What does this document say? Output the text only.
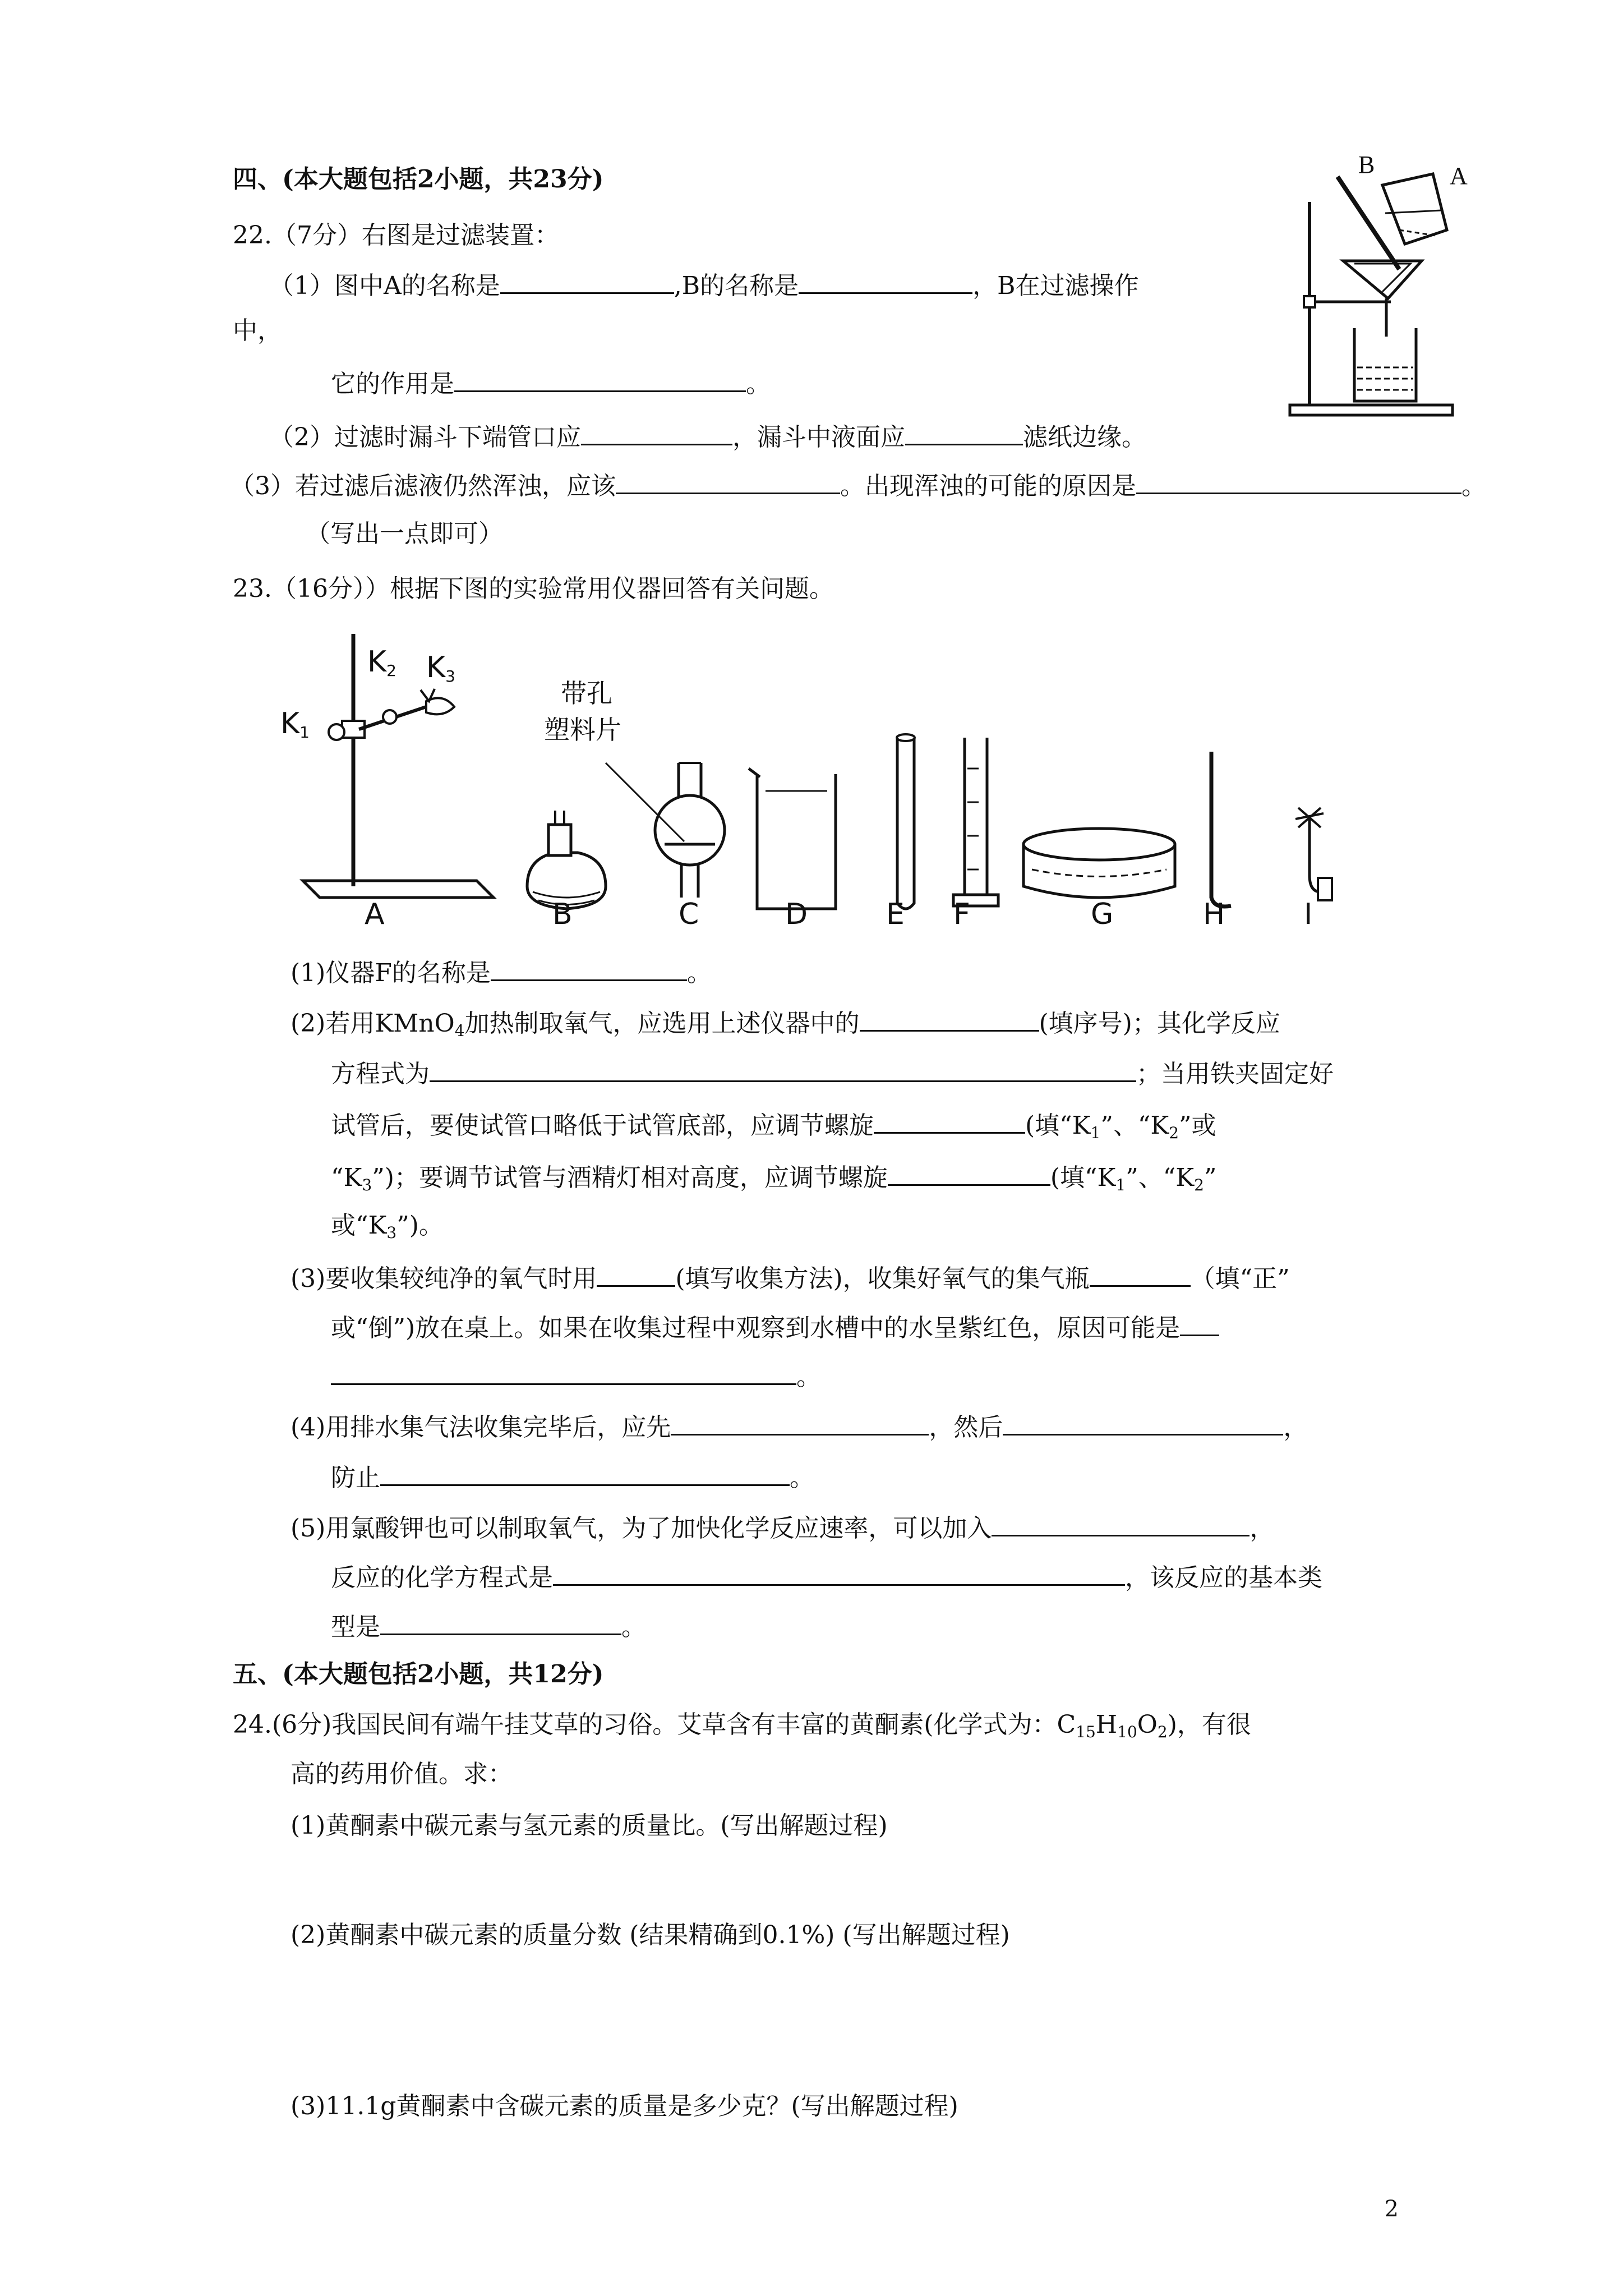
四、(本大题包括2小题，共23分)
22.（7分）右图是过滤装置：
（1）图中A的名称是	,B的名称是	，B在过滤操作
中，
它的作用是	。
（2）过滤时漏斗下端管口应	，漏斗中液面应	滤纸边缘。
（3）若过滤后滤液仍然浑浊，应该	。出现浑浊的可能的原因是	。
（写出一点即可）
B	A
23.（16分））根据下图的实验常用仪器回答有关问题。
$K_1$
$K_2$ $K_3$
带孔
塑料片
A	B	C	D	E F	G	H	I
(1)仪器F的名称是	。
(2)若用KMnO$_4$加热制取氧气，应选用上述仪器中的	(填序号)；其化学反应
方程式为	；当用铁夹固定好
试管后，要使试管口略低于试管底部，应调节螺旋	(填“$K_1$”、“$K_2$”或
“$K_3$”)；要调节试管与酒精灯相对高度，应调节螺旋	(填“$K_1$”、“$K_2$”
或“$K_3$”)。
(3)要收集较纯净的氧气时用	(填写收集方法)，收集好氧气的集气瓶	（填“正”
或“倒”)放在桌上。如果在收集过程中观察到水槽中的水呈紫红色，原因可能是
。
(4)用排水集气法收集完毕后，应先	，然后	，
防止	。
(5)用氯酸钾也可以制取氧气，为了加快化学反应速率，可以加入	，
反应的化学方程式是	，该反应的基本类
型是	。
五、(本大题包括2小题，共12分)
24.(6分)我国民间有端午挂艾草的习俗。艾草含有丰富的黄酮素(化学式为：$C_{15}H_{10}O_2$)，有很
高的药用价值。求：
(1)黄酮素中碳元素与氢元素的质量比。(写出解题过程)
(2)黄酮素中碳元素的质量分数 (结果精确到0.1%) (写出解题过程)
(3)11.1g黄酮素中含碳元素的质量是多少克？(写出解题过程)
2
